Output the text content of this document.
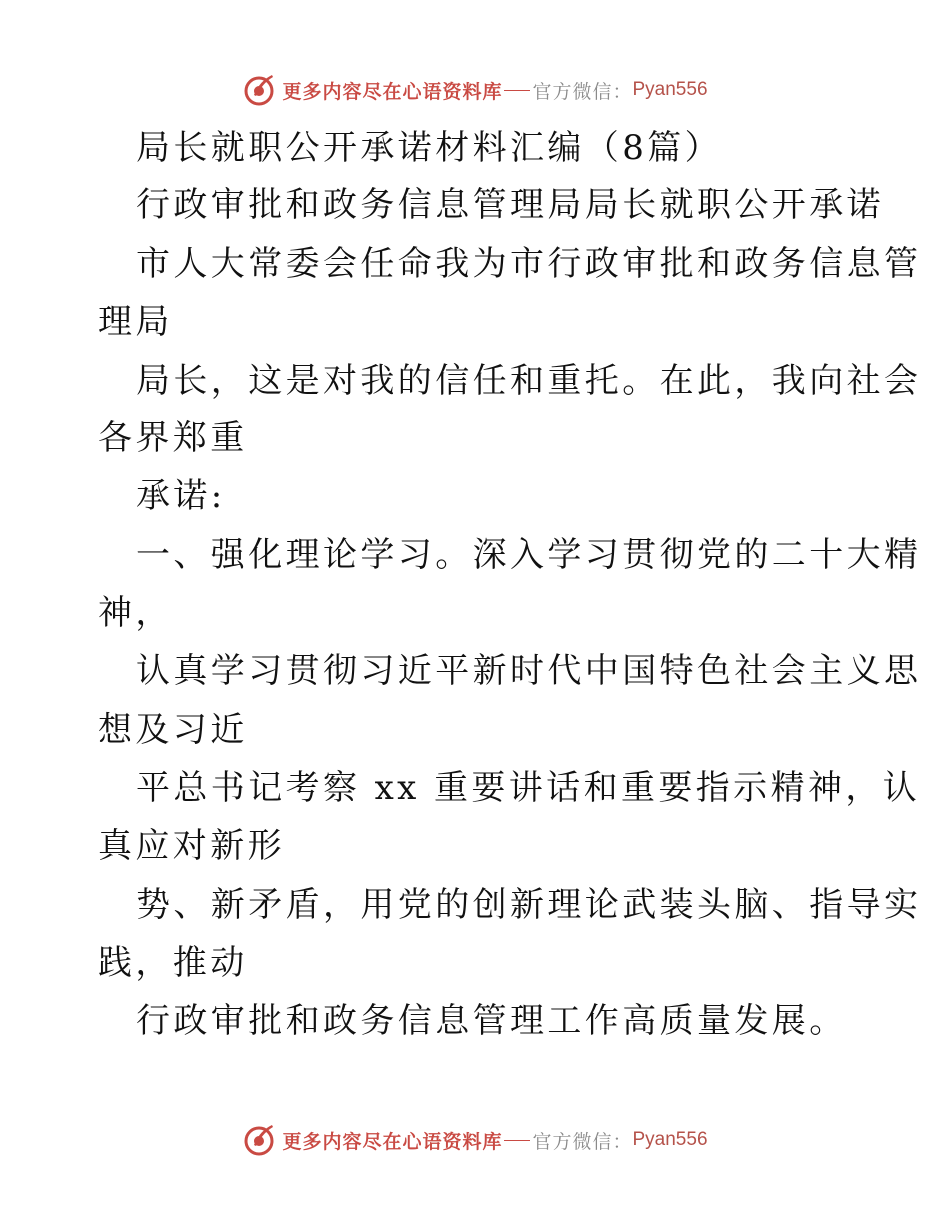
更多内容尽在心语资料库 官方微信： Pyan556
局长就职公开承诺材料汇编（8篇）
行政审批和政务信息管理局局长就职公开承诺
市人大常委会任命我为市行政审批和政务信息管
理局
局长，这是对我的信任和重托。在此，我向社会
各界郑重
承诺:
一、强化理论学习。深入学习贯彻党的二十大精
神，
认真学习贯彻习近平新时代中国特色社会主义思
想及习近
平总书记考察 xx 重要讲话和重要指示精神，认
真应对新形
势、新矛盾，用党的创新理论武装头脑、指导实
践，推动
行政审批和政务信息管理工作高质量发展。
更多内容尽在心语资料库 官方微信： Pyan556
